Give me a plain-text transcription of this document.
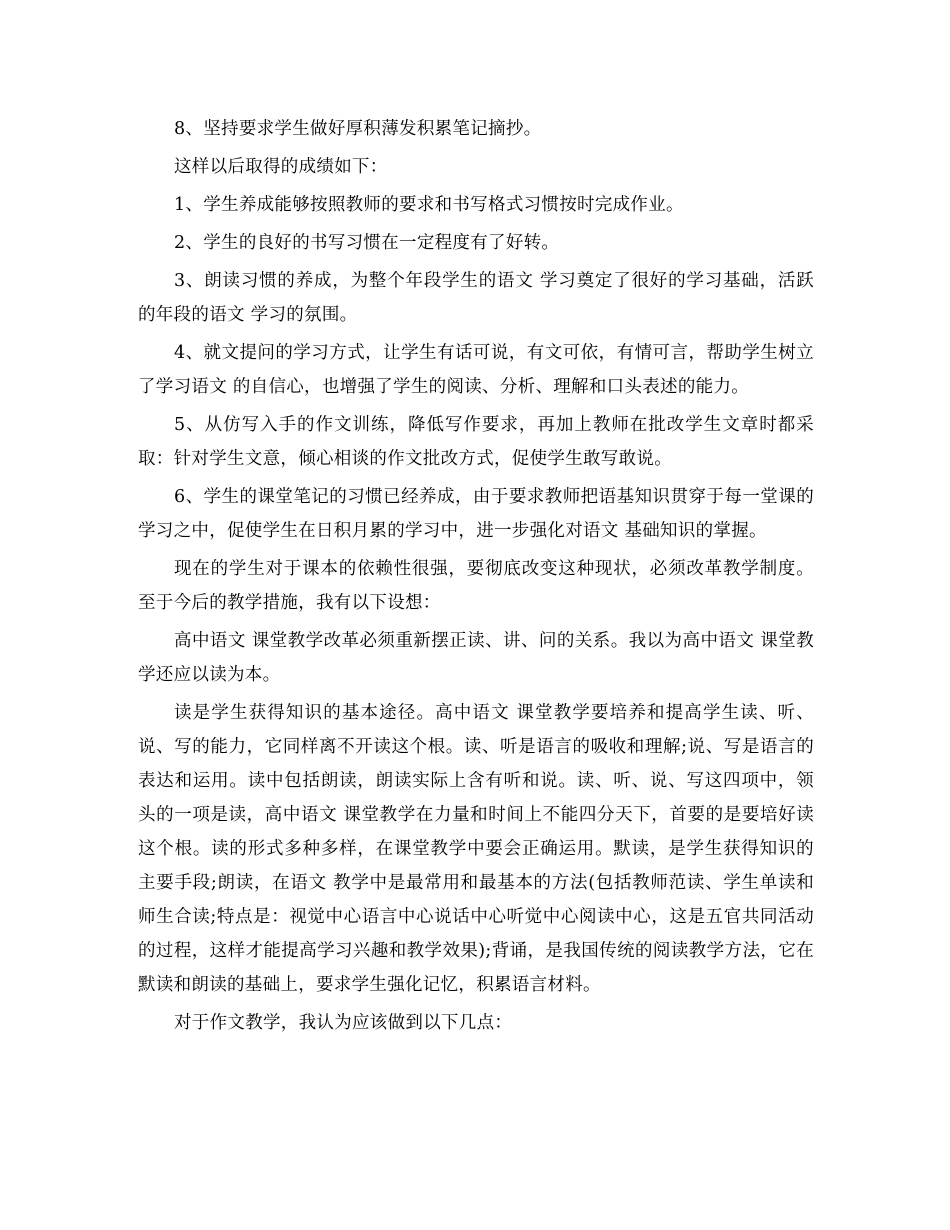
8、坚持要求学生做好厚积薄发积累笔记摘抄。

这样以后取得的成绩如下：

1、学生养成能够按照教师的要求和书写格式习惯按时完成作业。

2、学生的良好的书写习惯在一定程度有了好转。

3、朗读习惯的养成，为整个年段学生的语文 学习奠定了很好的学习基础，活跃的年段的语文 学习的氛围。

4、就文提问的学习方式，让学生有话可说，有文可依，有情可言，帮助学生树立了学习语文 的自信心，也增强了学生的阅读、分析、理解和口头表述的能力。

5、从仿写入手的作文训练，降低写作要求，再加上教师在批改学生文章时都采取：针对学生文意，倾心相谈的作文批改方式，促使学生敢写敢说。

6、学生的课堂笔记的习惯已经养成，由于要求教师把语基知识贯穿于每一堂课的学习之中，促使学生在日积月累的学习中，进一步强化对语文 基础知识的掌握。

现在的学生对于课本的依赖性很强，要彻底改变这种现状，必须改革教学制度。至于今后的教学措施，我有以下设想：

高中语文 课堂教学改革必须重新摆正读、讲、问的关系。我以为高中语文 课堂教学还应以读为本。

读是学生获得知识的基本途径。高中语文 课堂教学要培养和提高学生读、听、说、写的能力，它同样离不开读这个根。读、听是语言的吸收和理解;说、写是语言的表达和运用。读中包括朗读，朗读实际上含有听和说。读、听、说、写这四项中，领头的一项是读，高中语文 课堂教学在力量和时间上不能四分天下，首要的是要培好读这个根。读的形式多种多样，在课堂教学中要会正确运用。默读，是学生获得知识的主要手段;朗读，在语文 教学中是最常用和最基本的方法(包括教师范读、学生单读和师生合读;特点是：视觉中心语言中心说话中心听觉中心阅读中心，这是五官共同活动的过程，这样才能提高学习兴趣和教学效果);背诵，是我国传统的阅读教学方法，它在默读和朗读的基础上，要求学生强化记忆，积累语言材料。

对于作文教学，我认为应该做到以下几点：
